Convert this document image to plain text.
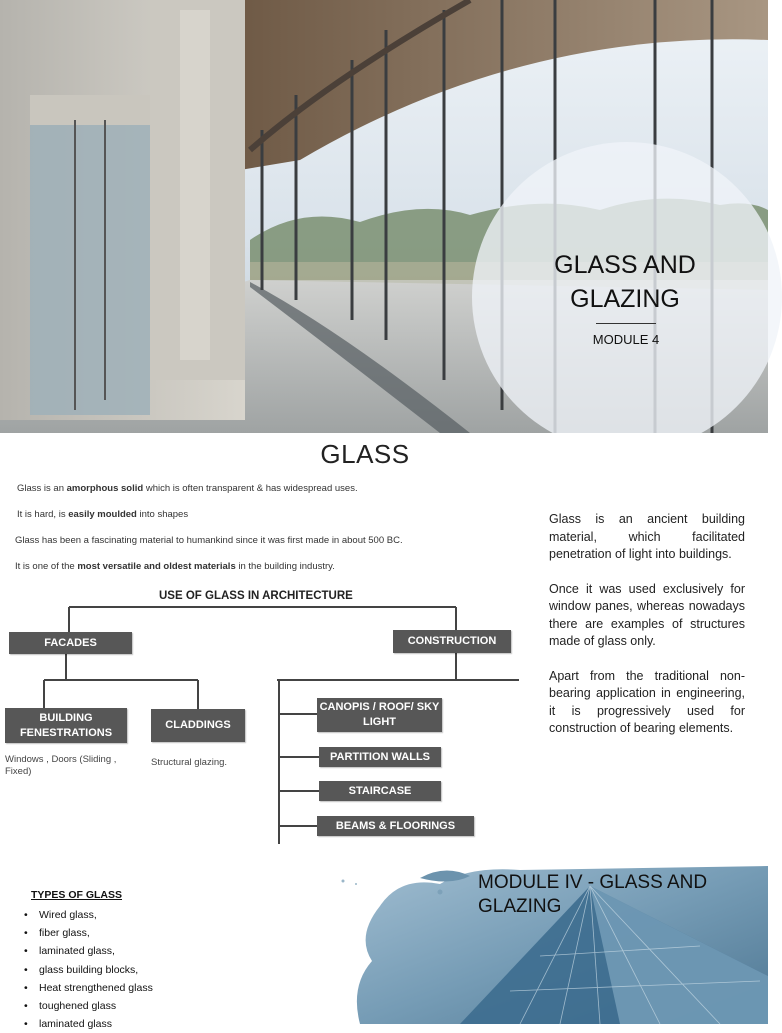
GLASS AND GLAZING
MODULE 4
GLASS
Glass is an amorphous solid which is often transparent & has widespread uses.
It is hard, is easily moulded into shapes
Glass has been a fascinating material to humankind since it was first made in about 500 BC.
It is one of the most versatile and oldest materials in the building industry.
USE OF GLASS IN ARCHITECTURE
FACADES	CONSTRUCTION
BUILDING FENESTRATIONS
CLADDINGS
Windows , Doors (Sliding , Fixed)
Structural glazing.
CANOPIS / ROOF/ SKY LIGHT
PARTITION WALLS
STAIRCASE
BEAMS & FLOORINGS

Glass is an ancient building material, which facilitated penetration of light into buildings.

Once it was used exclusively for window panes, whereas nowadays there are examples of structures made of glass only.

Apart from the traditional non-bearing application in engineering, it is progressively used for construction of bearing elements.

TYPES OF GLASS
• Wired glass,
• fiber glass,
• laminated glass,
• glass building blocks,
• Heat strengthened glass
• toughened glass
• laminated glass
MODULE IV - GLASS AND GLAZING
